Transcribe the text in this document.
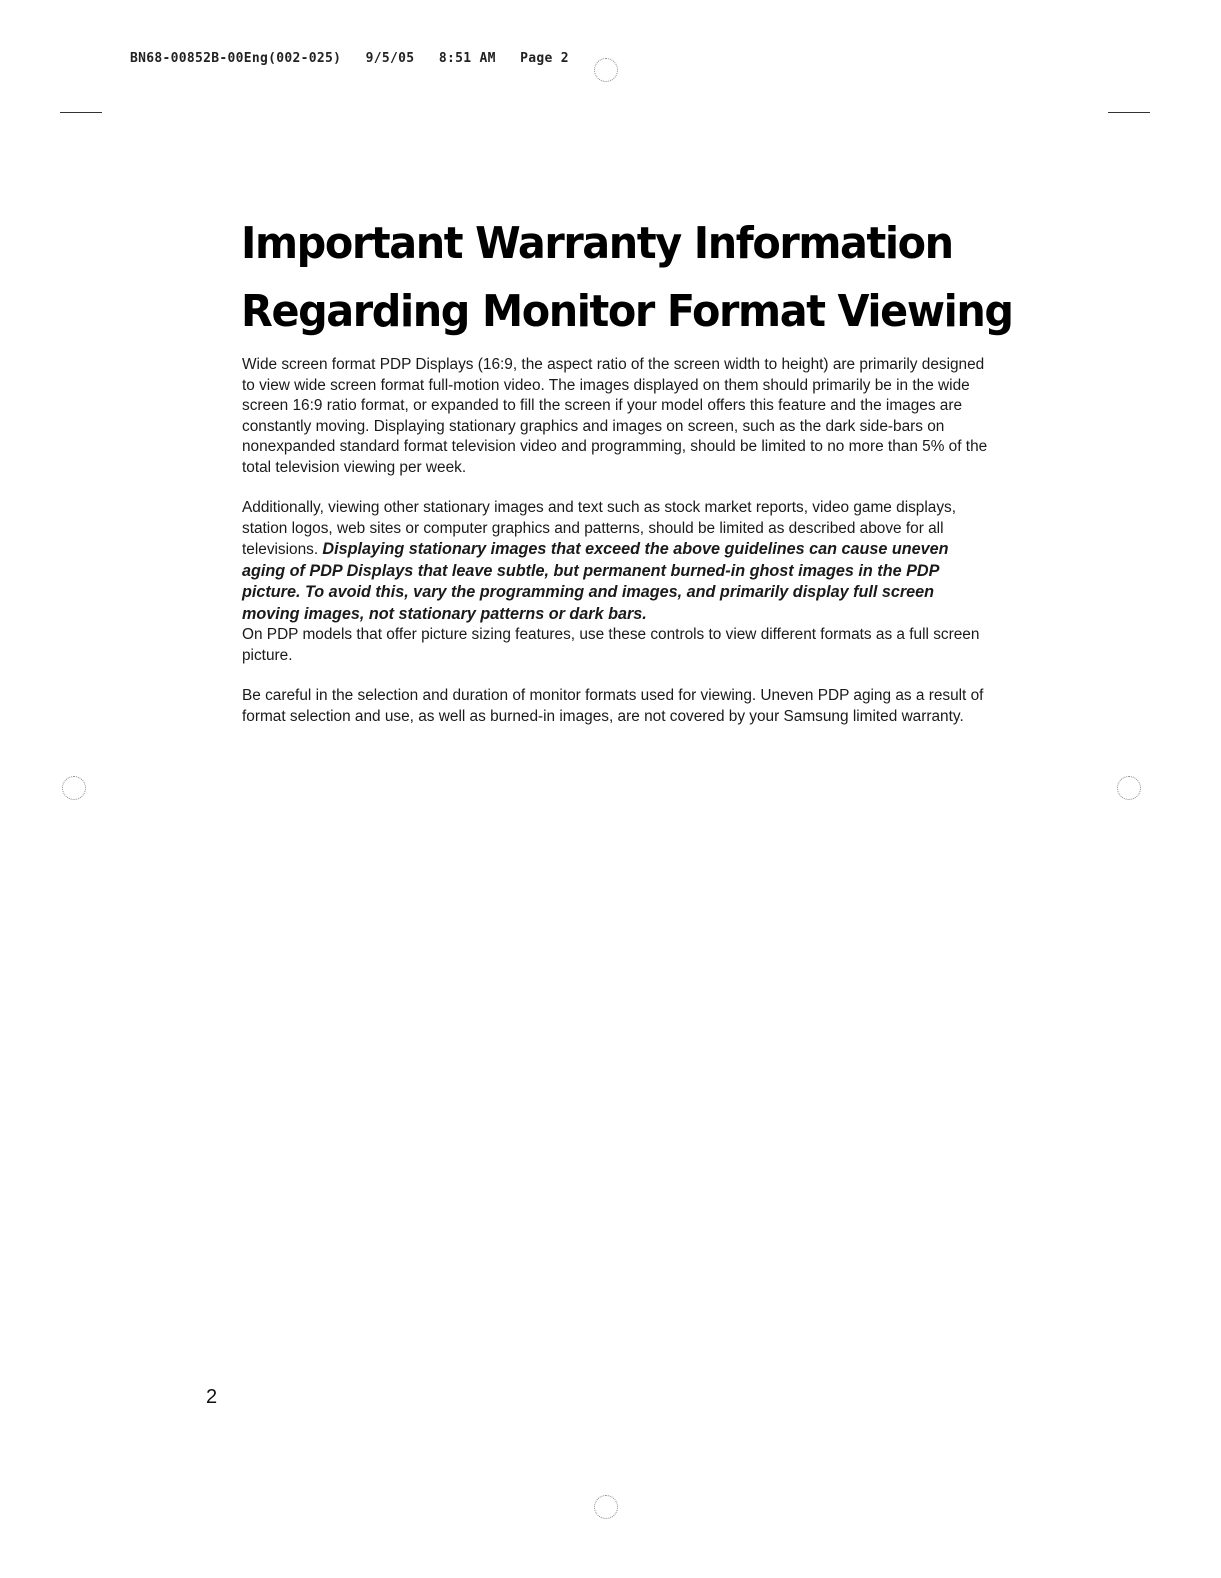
BN68-00852B-00Eng(002-025)   9/5/05   8:51 AM   Page 2
Important Warranty Information
Regarding Monitor Format Viewing

Wide screen format PDP Displays (16:9, the aspect ratio of the screen width to height) are primarily designed to view wide screen format full-motion video. The images displayed on them should primarily be in the wide screen 16:9 ratio format, or expanded to fill the screen if your model offers this feature and the images are constantly moving. Displaying stationary graphics and images on screen, such as the dark side-bars on nonexpanded standard format television video and programming, should be limited to no more than 5% of the total television viewing per week.

Additionally, viewing other stationary images and text such as stock market reports, video game displays, station logos, web sites or computer graphics and patterns, should be limited as described above for all televisions. Displaying stationary images that exceed the above guidelines can cause uneven aging of PDP Displays that leave subtle, but permanent burned-in ghost images in the PDP picture. To avoid this, vary the programming and images, and primarily display full screen moving images, not stationary patterns or dark bars.

On PDP models that offer picture sizing features, use these controls to view different formats as a full screen picture.

Be careful in the selection and duration of monitor formats used for viewing. Uneven PDP aging as a result of format selection and use, as well as burned-in images, are not covered by your Samsung limited warranty.

2
